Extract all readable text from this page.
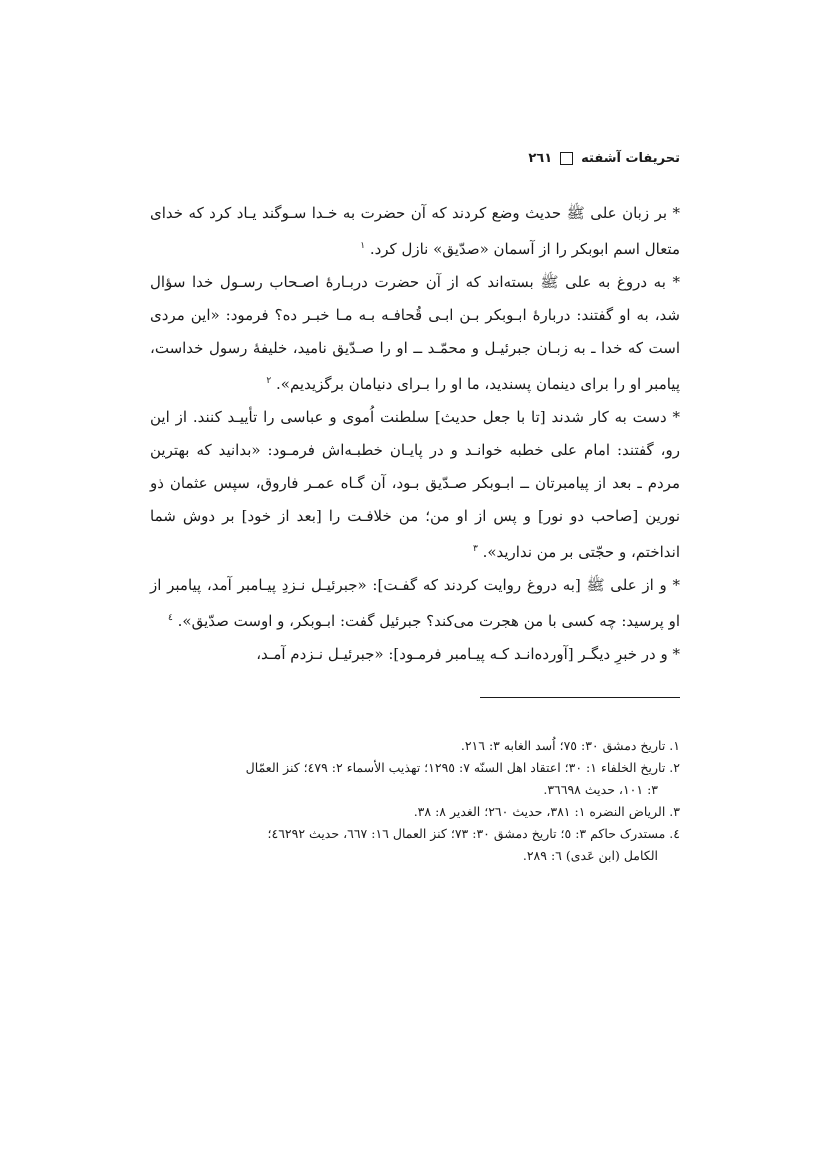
تحریفات آشفته
٢٦١

* بر زبان علی ﷺ حدیث وضع کردند که آن حضرت به خـدا سـوگند یـاد کرد که خدای متعال اسم ابوبکر را از آسمان «صدّیق» نازل کرد. $^١$

* به دروغ به علی ﷺ بسته‌اند که از آن حضرت دربـارهٔ اصـحاب رسـول خدا سؤال شد، به او گفتند: دربارهٔ ابـوبکر بـن ابـی قُحافـه بـه مـا خبـر ده؟ فرمود: «این مردی است که خدا ـ به زبـان جبرئیـل و محمّـد ــ او را صـدّیق نامید، خلیفهٔ رسول خداست، پیامبر او را برای دینمان پسندید، ما او را بـرای دنیامان برگزیدیم». $^٢$

* دست به کار شدند [تا با جعل حدیث] سلطنت اُموی و عباسی را تأییـد کنند. از این رو، گفتند: امام علی خطبه خوانـد و در پایـان خطبـه‌اش فرمـود: «بدانید که بهترین مردم ـ بعد از پیامبرتان ــ ابـوبکر صـدّیق بـود، آن گـاه عمـر فاروق، سپس عثمان ذو نورین [صاحب دو نور] و پس از او من؛ من خلافـت را [بعد از خود] بر دوش شما انداختم، و حجّتی بر من ندارید». $^٣$

* و از علی ﷺ [به دروغ روایت کردند که گفـت]: «جبرئیـل نـزدِ پیـامبر آمد، پیامبر از او پرسید: چه کسی با من هجرت می‌کند؟ جبرئیل گفت: ابـوبکر، و اوست صدّیق». $^٤$

* و در خبرِ دیگـر [آورده‌انـد کـه پیـامبر فرمـود]: «جبرئیـل نـزدم آمـد،

١. تاریخ دمشق ٣٠: ٧٥؛ اُسد الغابه ٣: ٢١٦.

٢. تاریخ الخلفاء ١: ٣٠؛ اعتقاد اهل السنّه ٧: ١٢٩٥؛ تهذیب الأسماء ٢: ٤٧٩؛ کنز العمّال
٣: ١٠١، حدیث ٣٦٦٩٨.

٣. الریاض النضره ١: ٣٨١، حدیث ٢٦٠؛ الغدیر ٨: ٣٨.

٤. مستدرک حاکم ٣: ٥؛ تاریخ دمشق ٣٠: ٧٣؛ کنز العمال ١٦: ٦٦٧، حدیث ٤٦٢٩٢؛
الکامل (ابن عَدی) ٦: ٢٨٩.
